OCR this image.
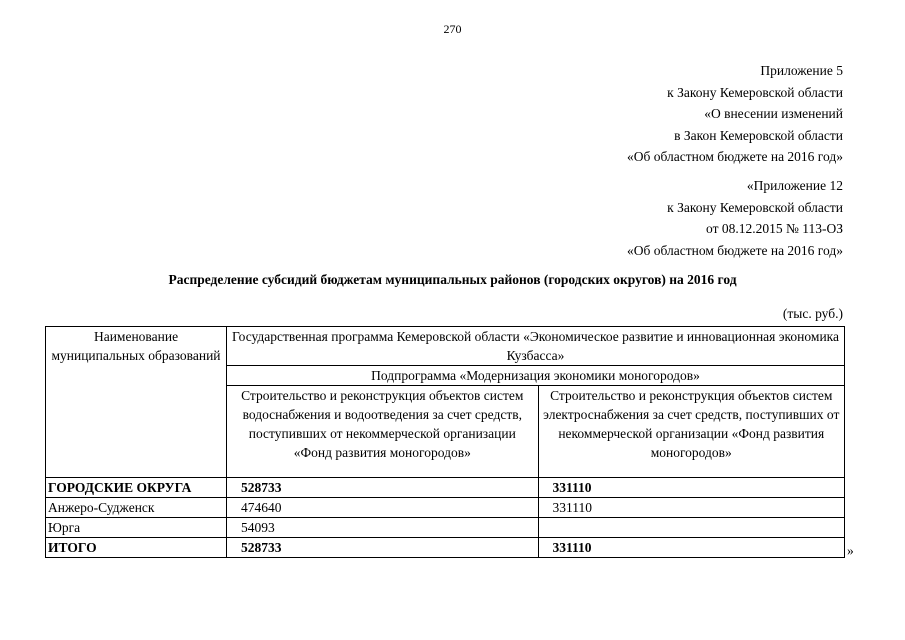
270
Приложение 5
к Закону Кемеровской области
«О внесении изменений
в Закон Кемеровской области
«Об областном бюджете на 2016 год»
«Приложение 12
к Закону Кемеровской области
от 08.12.2015 № 113-ОЗ
«Об областном бюджете на 2016 год»
Распределение субсидий бюджетам муниципальных районов (городских округов) на 2016 год
(тыс. руб.)
Наименование муниципальных образований	Государственная программа Кемеровской области «Экономическое развитие и инновационная экономика Кузбасса»	
	Подпрограмма «Модернизация экономики моногородов»	
	Строительство и реконструкция объектов систем водоснабжения и водоотведения за счет средств, поступивших от некоммерческой организации «Фонд развития моногородов»	Строительство и реконструкция объектов систем электроснабжения за счет средств, поступивших от некоммерческой организации «Фонд развития моногородов»
ГОРОДСКИЕ ОКРУГА	528733	331110
Анжеро-Судженск	474640	331110
Юрга	54093	
ИТОГО	528733	331110	»
